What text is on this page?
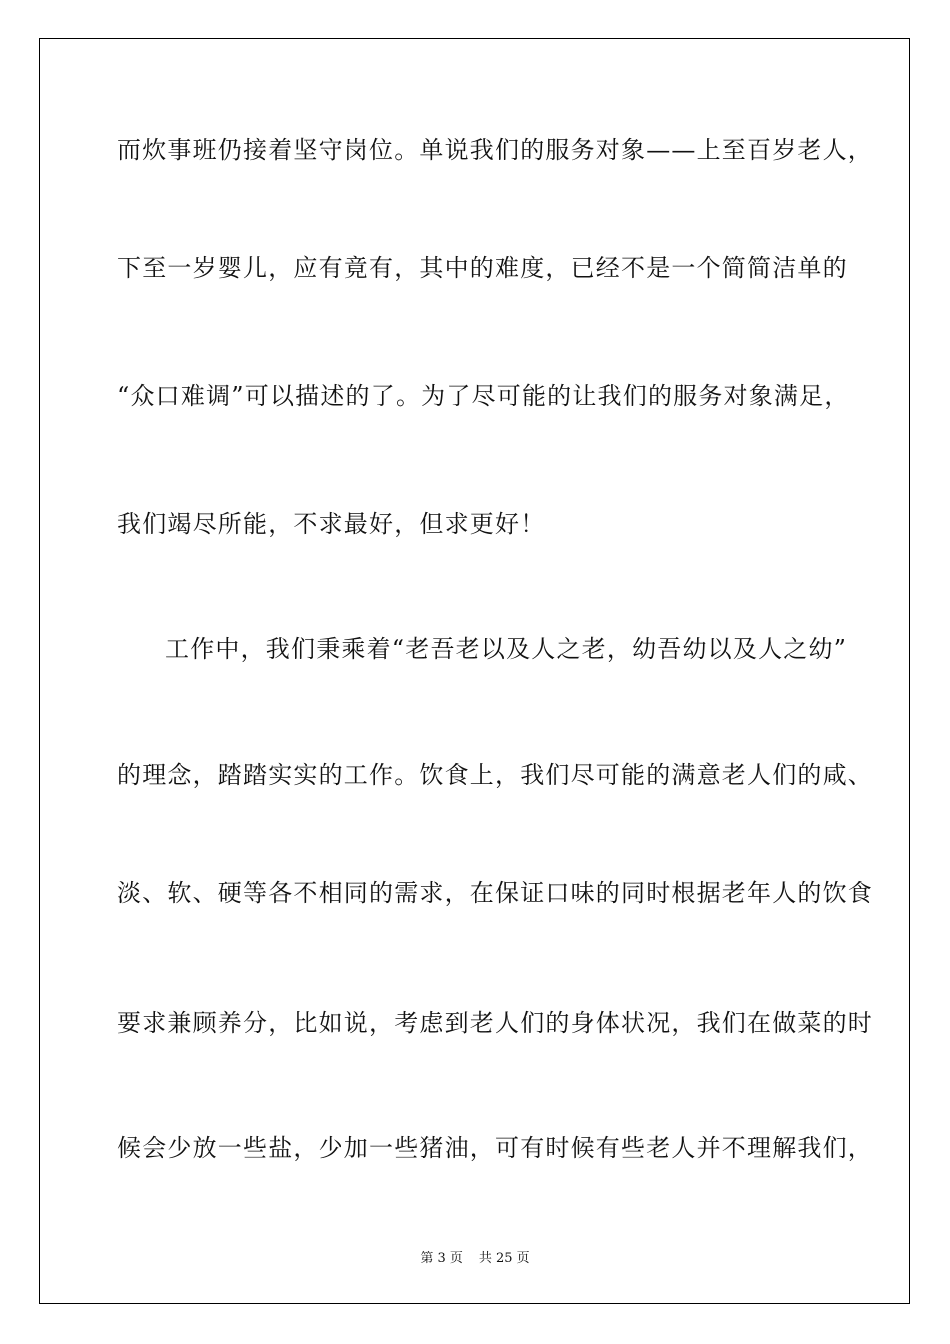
而炊事班仍接着坚守岗位。单说我们的服务对象——上至百岁老人，
下至一岁婴儿，应有竟有，其中的难度，已经不是一个简简洁单的
“众口难调”可以描述的了。为了尽可能的让我们的服务对象满足，
我们竭尽所能，不求最好，但求更好！
工作中，我们秉乘着“老吾老以及人之老，幼吾幼以及人之幼”
的理念，踏踏实实的工作。饮食上，我们尽可能的满意老人们的咸、
淡、软、硬等各不相同的需求，在保证口味的同时根据老年人的饮食
要求兼顾养分，比如说，考虑到老人们的身体状况，我们在做菜的时
候会少放一些盐，少加一些猪油，可有时候有些老人并不理解我们，
第 3 页 共 25 页
